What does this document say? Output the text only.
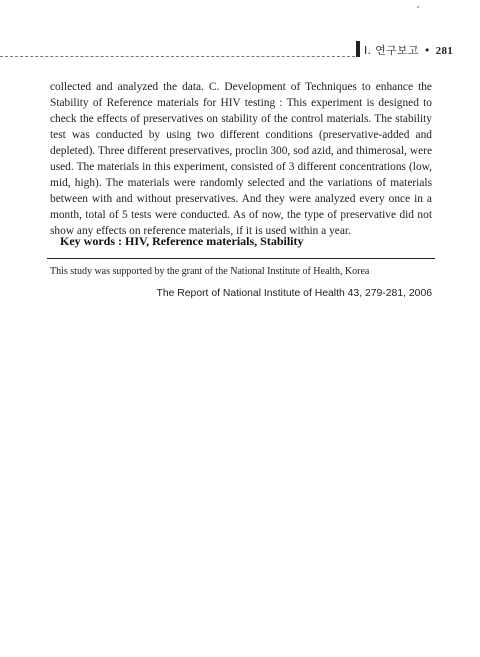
Ⅰ. 연구보고 • 281

collected and analyzed the data. C. Development of Techniques to enhance the Stability of Reference materials for HIV testing : This experiment is designed to check the effects of preservatives on stability of the control materials. The stability test was conducted by using two different conditions (preservative-added and depleted). Three different preservatives, proclin 300, sod azid, and thimerosal, were used. The materials in this experiment, consisted of 3 different concentrations (low, mid, high). The materials were randomly selected and the variations of materials between with and without preservatives. And they were analyzed every once in a month, total of 5 tests were conducted. As of now, the type of preservative did not show any effects on reference materials, if it is used within a year.

Key words : HIV, Reference materials, Stability
This study was supported by the grant of the National Institute of Health, Korea
The Report of National Institute of Health 43, 279-281, 2006
